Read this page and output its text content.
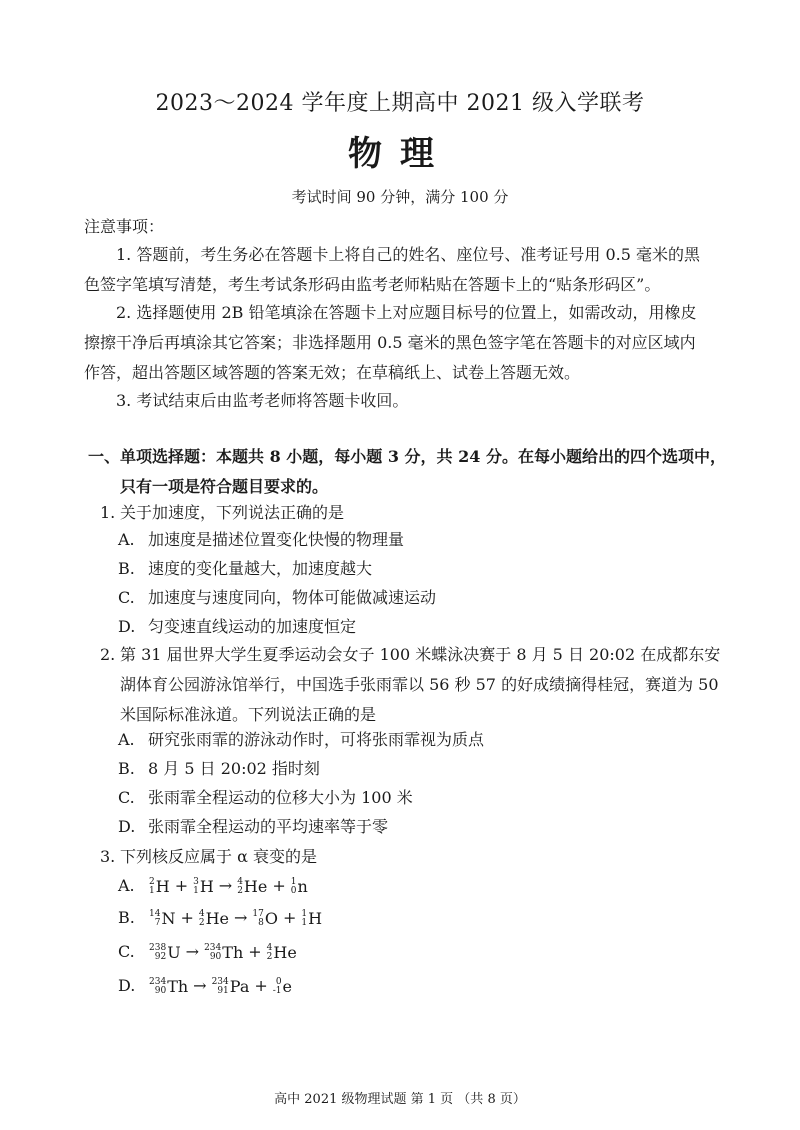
2023～2024 学年度上期高中 2021 级入学联考
物理
考试时间 90 分钟，满分 100 分
注意事项：
1. 答题前，考生务必在答题卡上将自己的姓名、座位号、准考证号用 0.5 毫米的黑色签字笔填写清楚，考生考试条形码由监考老师粘贴在答题卡上的“贴条形码区”。
2. 选择题使用 2B 铅笔填涂在答题卡上对应题目标号的位置上，如需改动，用橡皮擦擦干净后再填涂其它答案；非选择题用 0.5 毫米的黑色签字笔在答题卡的对应区域内作答，超出答题区域答题的答案无效；在草稿纸上、试卷上答题无效。
3. 考试结束后由监考老师将答题卡收回。
一、单项选择题：本题共 8 小题，每小题 3 分，共 24 分。在每小题给出的四个选项中，只有一项是符合题目要求的。
1. 关于加速度，下列说法正确的是
A. 加速度是描述位置变化快慢的物理量
B. 速度的变化量越大，加速度越大
C. 加速度与速度同向，物体可能做减速运动
D. 匀变速直线运动的加速度恒定
2. 第 31 届世界大学生夏季运动会女子 100 米蝶泳决赛于 8 月 5 日 20:02 在成都东安湖体育公园游泳馆举行，中国选手张雨霏以 56 秒 57 的好成绩摘得桂冠，赛道为 50 米国际标准泳道。下列说法正确的是
A. 研究张雨霏的游泳动作时，可将张雨霏视为质点
B. 8 月 5 日 20:02 指时刻
C. 张雨霏全程运动的位移大小为 100 米
D. 张雨霏全程运动的平均速率等于零
3. 下列核反应属于 α 衰变的是
A. 2
1 H + 3
1 H → 4
2 He + 1
0 n
B. 14
7 N + 4
2 He → 17
8 O + 1
1 H
C. 238
92 U → 234
90 Th + 4
2 He
D. 234
90 Th → 234
91 Pa + 0
-1 e
高中 2021 级物理试题 第 1 页 （共 8 页）
